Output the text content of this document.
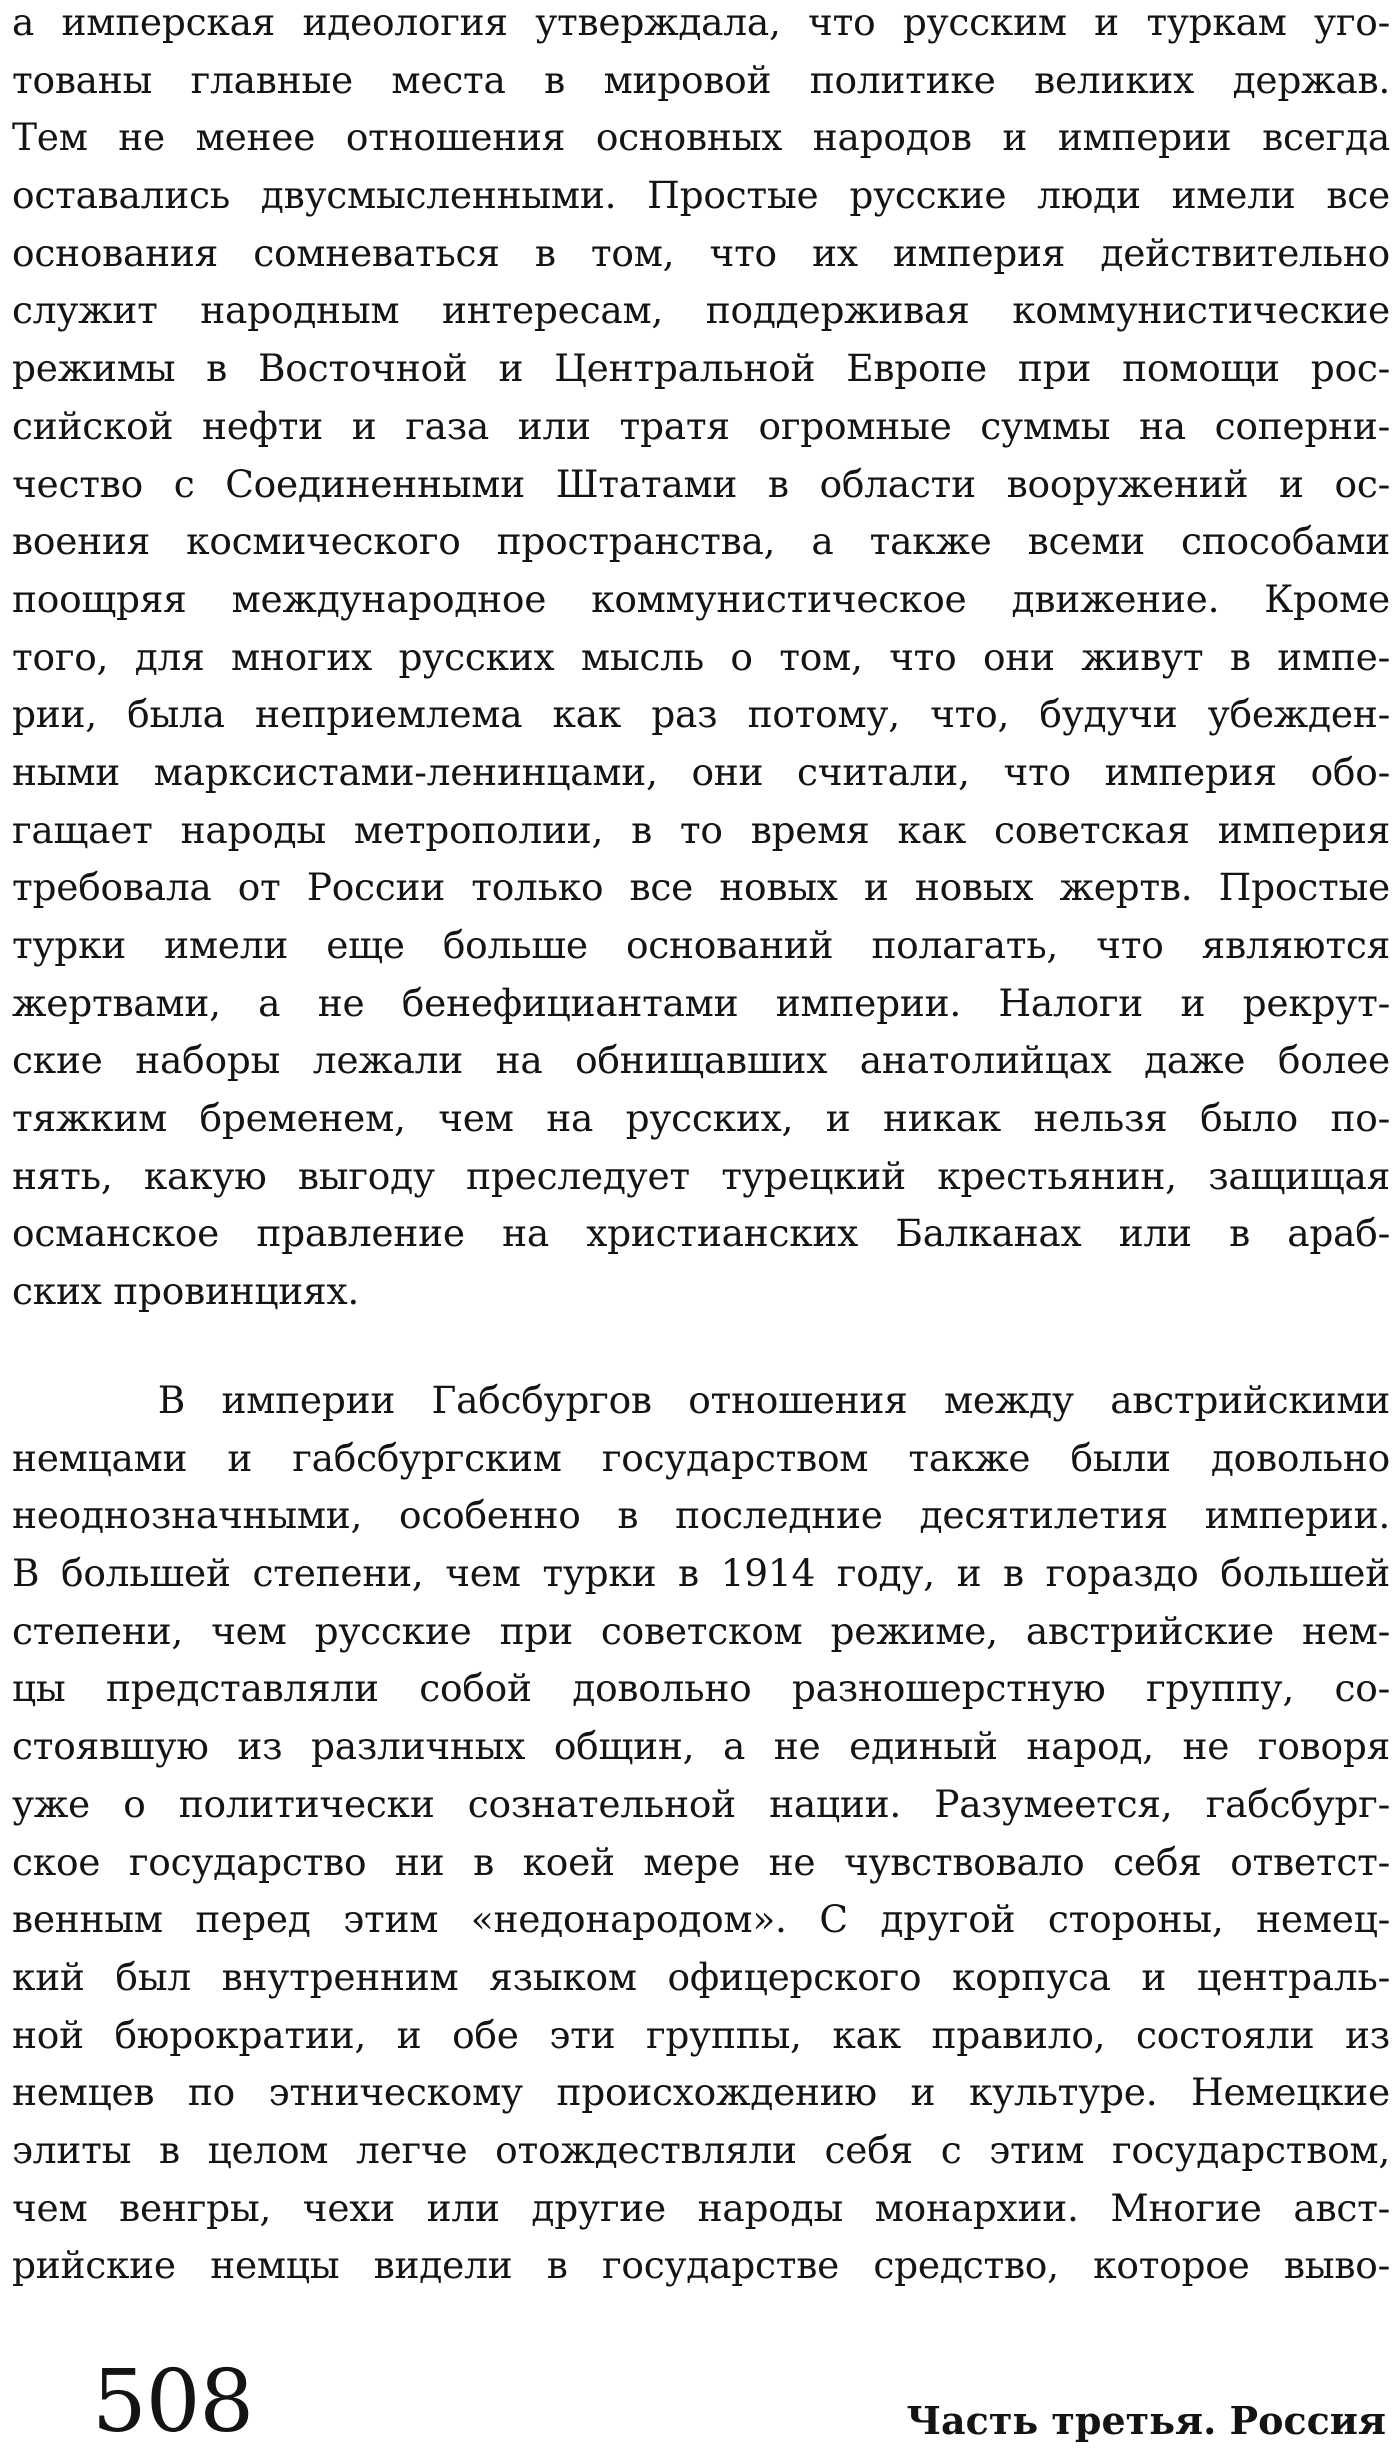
а имперская идеология утверждала, что русским и туркам уго-
тованы главные места в мировой политике великих держав.
Тем не менее отношения основных народов и империи всегда
оставались двусмысленными. Простые русские люди имели все
основания сомневаться в том, что их империя действительно
служит народным интересам, поддерживая коммунистические
режимы в Восточной и Центральной Европе при помощи рос-
сийской нефти и газа или тратя огромные суммы на соперни-
чество с Соединенными Штатами в области вооружений и ос-
воения космического пространства, а также всеми способами
поощряя международное коммунистическое движение. Кроме
того, для многих русских мысль о том, что они живут в импе-
рии, была неприемлема как раз потому, что, будучи убежден-
ными марксистами-ленинцами, они считали, что империя обо-
гащает народы метрополии, в то время как советская империя
требовала от России только все новых и новых жертв. Простые
турки имели еще больше оснований полагать, что являются
жертвами, а не бенефициантами империи. Налоги и рекрут-
ские наборы лежали на обнищавших анатолийцах даже более
тяжким бременем, чем на русских, и никак нельзя было по-
нять, какую выгоду преследует турецкий крестьянин, защищая
османское правление на христианских Балканах или в араб-
ских провинциях.
В империи Габсбургов отношения между австрийскими
немцами и габсбургским государством также были довольно
неоднозначными, особенно в последние десятилетия империи.
В большей степени, чем турки в 1914 году, и в гораздо большей
степени, чем русские при советском режиме, австрийские нем-
цы представляли собой довольно разношерстную группу, со-
стоявшую из различных общин, а не единый народ, не говоря
уже о политически сознательной нации. Разумеется, габсбург-
ское государство ни в коей мере не чувствовало себя ответст-
венным перед этим «недонародом». С другой стороны, немец-
кий был внутренним языком офицерского корпуса и централь-
ной бюрократии, и обе эти группы, как правило, состояли из
немцев по этническому происхождению и культуре. Немецкие
элиты в целом легче отождествляли себя с этим государством,
чем венгры, чехи или другие народы монархии. Многие авст-
рийские немцы видели в государстве средство, которое выво-
508	Часть третья. Россия
